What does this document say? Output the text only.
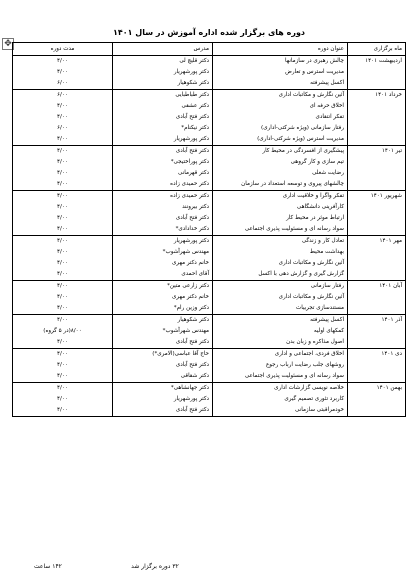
دوره های برگزار شده اداره آموزش در سال ۱۴۰۱
✥	ماه برگزاری	عنوان دوره	مدرس	مدت دوره
اردیبهشت ۱۴۰۱	چالش رهبری در سازمانها	دکتر قلیچ لی	۴/۰۰
	مدیریت استرس و تعارض	دکتر پورشهریار	۴/۰۰
	اکسل پیشرفته	دکتر شکوهیار	۶/۰۰
خرداد ۱۴۰۱	آئین نگارش و مکاتبات اداری	دکتر طباطبایی	۶/۰۰
	اخلاق حرفه ای	دکتر عشقی	۴/۰۰
	تفکر انتقادی	دکتر فتح آبادی	۴/۰۰
	رفتار سازمانی (ویژه شرکتی-اداری)	دکتر نیکنام*	۶/۰۰
	مدیریت استرس (ویژه شرکتی-اداری)	دکتر پورشهریار	۴/۰۰
تیر ۱۴۰۱	پیشگیری از افسردگی در محیط کار	دکتر فتح آبادی	۴/۰۰
	تیم سازی و کار گروهی	دکتر پوراختیجی*	۴/۰۰
	رضایت شغلی	دکتر قهرمانی	۴/۰۰
	چالشهای پیروی و توسعه استعداد در سازمان	دکتر حمیدی زاده	۴/۰۰
شهریور ۱۴۰۱	تفکر واگرا و خلاقیت اداری	دکتر حمیدی زاده	۴/۰۰
	کارآفرینی دانشگاهی	دکتر بیرونند	۴/۰۰
	ارتباط موثر در محیط کار	دکتر فتح آبادی	۴/۰۰
	سواد رسانه ای و مسئولیت پذیری اجتماعی	دکتر خدادادی*	۴/۰۰
مهر ۱۴۰۱	تعادل کار و زندگی	دکتر پورشهریار	۴/۰۰
	بهداشت محیط	مهندس شهرآشوب*	۴/۰۰
	آئین نگارش و مکاتبات اداری	خانم دکتر مهری	۴/۰۰
	گزارش گیری و گزارش دهی با اکسل	آقای احمدی	۴/۰۰
آبان ۱۴۰۱	رفتار سازمانی	دکتر زارعی متین*	۴/۰۰
	آئین نگارش و مکاتبات اداری	خانم دکتر مهری	۴/۰۰
	مستندسازی تجربیات	دکتر وزین رام*	۴/۰۰
آذر ۱۴۰۱	اکسل پیشرفته	دکتر شکوهیار	۴/۰۰
	کمکهای اولیه	مهندس شهرآشوب*	۸/۰۰(در ۵ گروه)
	اصول مذاکره و زبان بدن	دکتر فتح آبادی	۴/۰۰
دی ۱۴۰۱	اخلاق فردی، اجتماعی و اداری	حاج آقا عباسی(الامری*)	۴/۰۰
	روشهای جلب رضایت ارباب رجوع	دکتر فتح آبادی	۴/۰۰
	سواد رسانه ای و مسئولیت پذیری اجتماعی	دکتر شقاقی	۴/۰۰
بهمن ۱۴۰۱	خلاصه نویسی گزارشات اداری	دکتر جهانشاهی*	۴/۰۰
	کاربرد تئوری تصمیم گیری	دکتر پورشهریار	۴/۰۰
	خودمراقبتی سازمانی	دکتر فتح آبادی	۴/۰۰
۳۲ دوره برگزار شد
۱۴۲ ساعت
